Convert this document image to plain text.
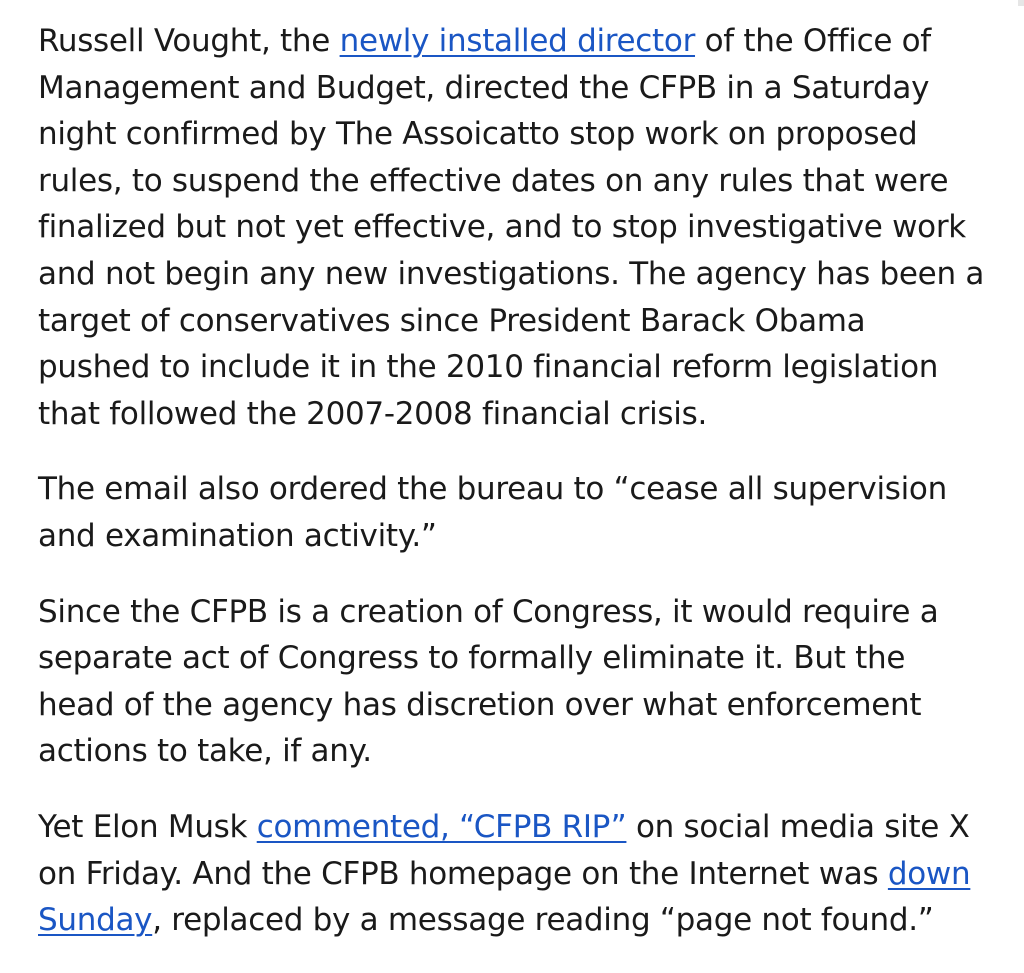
Russell Vought, the newly installed director of the Office of
Management and Budget, directed the CFPB in a Saturday
night confirmed by The Assoicatto stop work on proposed
rules, to suspend the effective dates on any rules that were
finalized but not yet effective, and to stop investigative work
and not begin any new investigations. The agency has been a
target of conservatives since President Barack Obama
pushed to include it in the 2010 financial reform legislation
that followed the 2007-2008 financial crisis.

The email also ordered the bureau to “cease all supervision
and examination activity.”

Since the CFPB is a creation of Congress, it would require a
separate act of Congress to formally eliminate it. But the
head of the agency has discretion over what enforcement
actions to take, if any.

Yet Elon Musk commented, “CFPB RIP” on social media site X
on Friday. And the CFPB homepage on the Internet was down
Sunday, replaced by a message reading “page not found.”
